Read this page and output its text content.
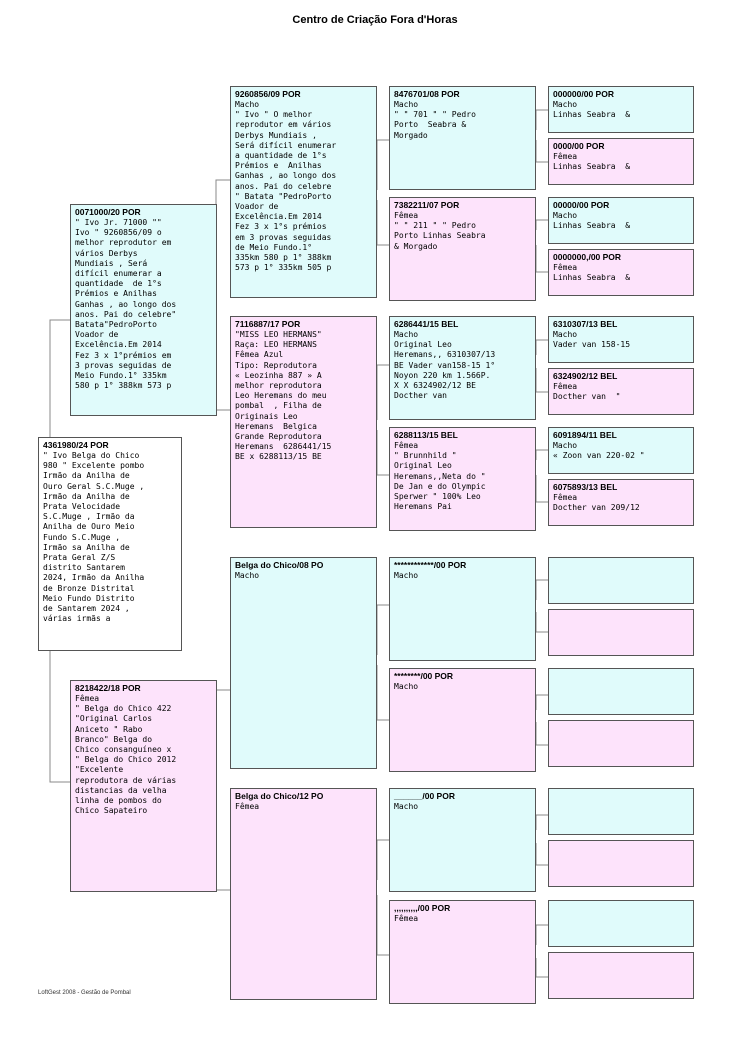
Centro de Criação Fora d'Horas
4361980/24 POR
" Ivo Belga do Chico
980 " Excelente pombo
Irmão da Anilha de
Ouro Geral S.C.Muge ,
Irmão da Anilha de
Prata Velocidade
S.C.Muge , Irmão da
Anilha de Ouro Meio
Fundo S.C.Muge ,
Irmão sa Anilha de
Prata Geral Z/S
distrito Santarem
2024, Irmão da Anilha
de Bronze Distrital
Meio Fundo Distrito
de Santarem 2024 ,
várias irmãs a
0071000/20 POR
" Ivo Jr. 71000 ""
Ivo " 9260856/09 o
melhor reprodutor em
vários Derbys
Mundiais , Será
difícil enumerar a
quantidade  de 1°s
Prémios e Anilhas
Ganhas , ao longo dos
anos. Pai do celebre"
Batata"PedroPorto
Voador de
Excelência.Em 2014
Fez 3 x 1°prémios em
3 provas seguidas de
Meio Fundo.1° 335km
580 p 1° 388km 573 p
8218422/18 POR
Fêmea
" Belga do Chico 422
"Original Carlos
Aniceto " Rabo
Branco" Belga do
Chico consanguíneo x
" Belga do Chico 2012
"Excelente
reprodutora de várias
distancias da velha
linha de pombos do
Chico Sapateiro
9260856/09 POR
Macho
" Ivo " O melhor
reprodutor em vários
Derbys Mundiais ,
Será difícil enumerar
a quantidade de 1°s
Prémios e  Anilhas
Ganhas , ao longo dos
anos. Pai do celebre
" Batata "PedroPorto
Voador de
Excelência.Em 2014
Fez 3 x 1°s prémios
em 3 provas seguidas
de Meio Fundo.1°
335km 580 p 1° 388km
573 p 1° 335km 505 p
7116887/17 POR
"MISS LEO HERMANS"
Raça: LEO HERMANS
Fêmea Azul
Tipo: Reprodutora
« Leozinha 887 » A
melhor reprodutora
Leo Heremans do meu
pombal  , Filha de
Originais Leo
Heremans  Belgica
Grande Reprodutora
Heremans  6286441/15
BE x 6288113/15 BE
Belga do Chico/08 PO
Macho
Belga do Chico/12 PO
Fêmea
8476701/08 POR
Macho
" " 701 " " Pedro
Porto  Seabra &
Morgado
7382211/07 POR
Fêmea
" " 211 " " Pedro
Porto Linhas Seabra
& Morgado
6286441/15 BEL
Macho
Original Leo
Heremans,, 6310307/13
BE Vader van158-15 1°
Noyon 220 km 1.566P.
X X 6324902/12 BE
Docther van
6288113/15 BEL
Fêmea
" Brunnhild "
Original Leo
Heremans,,Neta do "
De Jan e do Olympic
Sperwer " 100% Leo
Heremans Pai
************/00 POR
Macho
********/00 POR
Macho
______/00 POR
Macho
,,,,,,,,,,/00 POR
Fêmea
000000/00 POR
Macho
Linhas Seabra  &
0000/00 POR
Fêmea
Linhas Seabra  &
00000/00 POR
Macho
Linhas Seabra  &
0000000,/00 POR
Fêmea
Linhas Seabra  &
6310307/13 BEL
Macho
Vader van 158-15
6324902/12 BEL
Fêmea
Docther van  "
6091894/11 BEL
Macho
« Zoon van 220-02 "
6075893/13 BEL
Fêmea
Docther van 209/12
LoftGest 2008 - Gestão de Pombal
